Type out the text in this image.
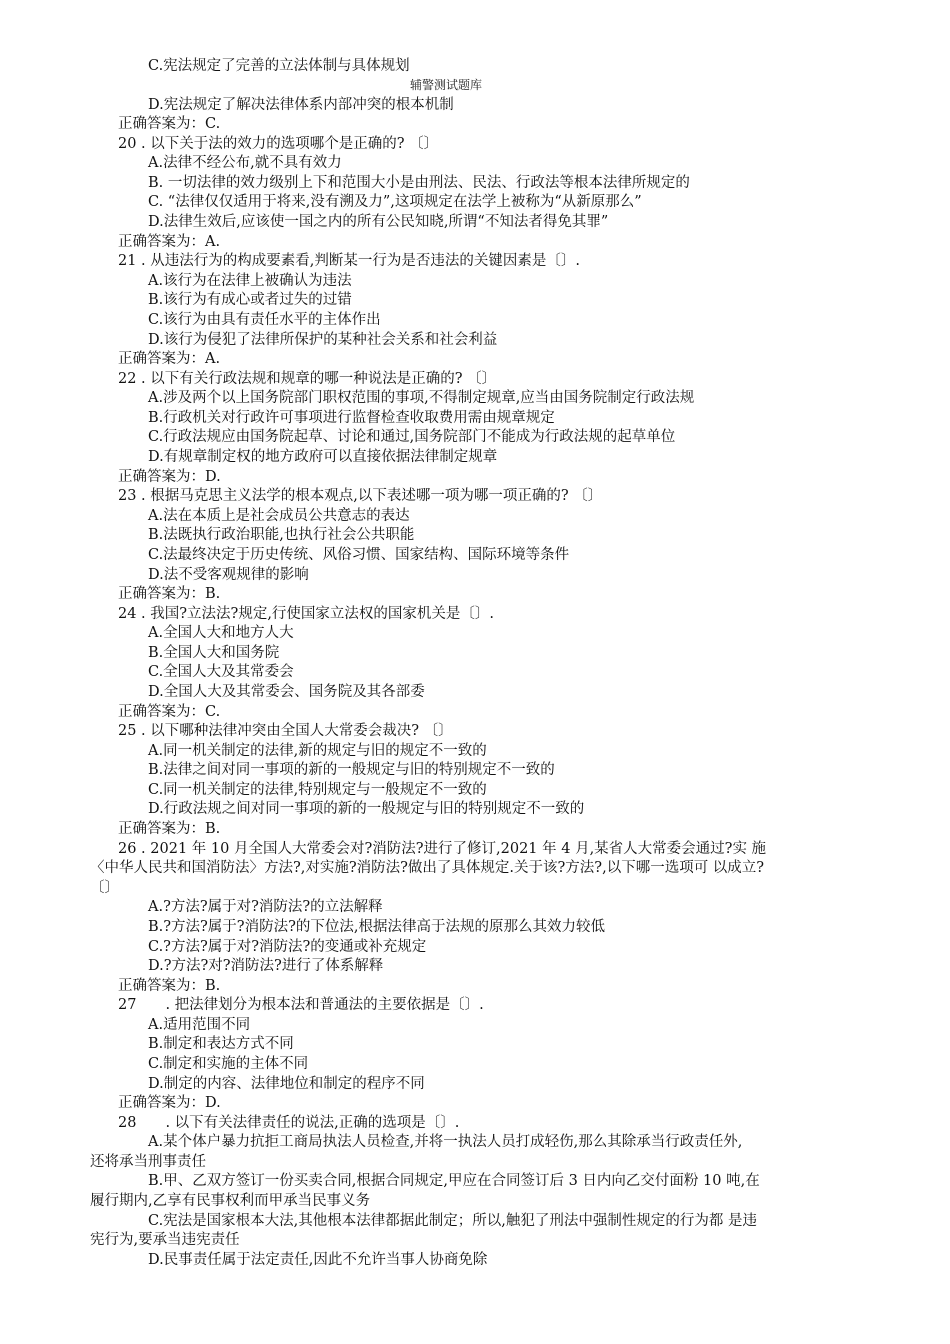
辅警测试题库
C.宪法规定了完善的立法体制与具体规划
D.宪法规定了解决法律体系内部冲突的根本机制
正确答案为：C.
20 . 以下关于法的效力的选项哪个是正确的? 〔〕
A.法律不经公布,就不具有效力
B. 一切法律的效力级别上下和范围大小是由刑法、民法、行政法等根本法律所规定的
C. “法律仅仅适用于将来,没有溯及力”,这项规定在法学上被称为“从新原那么”
D.法律生效后,应该使一国之内的所有公民知晓,所谓“不知法者得免其罪”
正确答案为：A.
21 . 从违法行为的构成要素看,判断某一行为是否违法的关键因素是〔〕.
A.该行为在法律上被确认为违法
B.该行为有成心或者过失的过错
C.该行为由具有责任水平的主体作出
D.该行为侵犯了法律所保护的某种社会关系和社会利益
正确答案为：A.
22 . 以下有关行政法规和规章的哪一种说法是正确的? 〔〕
A.涉及两个以上国务院部门职权范围的事项,不得制定规章,应当由国务院制定行政法规
B.行政机关对行政许可事项进行监督检查收取费用需由规章规定
C.行政法规应由国务院起草、讨论和通过,国务院部门不能成为行政法规的起草单位
D.有规章制定权的地方政府可以直接依据法律制定规章
正确答案为：D.
23 . 根据马克思主义法学的根本观点,以下表述哪一项为哪一项正确的? 〔〕
A.法在本质上是社会成员公共意志的表达
B.法既执行政治职能,也执行社会公共职能
C.法最终决定于历史传统、风俗习惯、国家结构、国际环境等条件
D.法不受客观规律的影响
正确答案为：B.
24 . 我国?立法法?规定,行使国家立法权的国家机关是〔〕.
A.全国人大和地方人大
B.全国人大和国务院
C.全国人大及其常委会
D.全国人大及其常委会、国务院及其各部委
正确答案为：C.
25 . 以下哪种法律冲突由全国人大常委会裁决? 〔〕
A.同一机关制定的法律,新的规定与旧的规定不一致的
B.法律之间对同一事项的新的一般规定与旧的特别规定不一致的
C.同一机关制定的法律,特别规定与一般规定不一致的
D.行政法规之间对同一事项的新的一般规定与旧的特别规定不一致的
正确答案为：B.
26 . 2021 年 10 月全国人大常委会对?消防法?进行了修订,2021 年 4 月,某省人大常委会通过?实 施
〈中华人民共和国消防法〉方法?,对实施?消防法?做出了具体规定.关于该?方法?,以下哪一选项可 以成立?
〔〕
A.?方法?属于对?消防法?的立法解释
B.?方法?属于?消防法?的下位法,根据法律高于法规的原那么其效力较低
C.?方法?属于对?消防法?的变通或补充规定
D.?方法?对?消防法?进行了体系解释
正确答案为：B.
27　　. 把法律划分为根本法和普通法的主要依据是〔〕.
A.适用范围不同
B.制定和表达方式不同
C.制定和实施的主体不同
D.制定的内容、法律地位和制定的程序不同
正确答案为：D.
28　　. 以下有关法律责任的说法,正确的选项是〔〕.
A.某个体户暴力抗拒工商局执法人员检查,并将一执法人员打成轻伤,那么其除承当行政责任外,
还将承当刑事责任
B.甲、乙双方签订一份买卖合同,根据合同规定,甲应在合同签订后 3 日内向乙交付面粉 10 吨,在
履行期内,乙享有民事权利而甲承当民事义务
C.宪法是国家根本大法,其他根本法律都据此制定；所以,触犯了刑法中强制性规定的行为都 是违
宪行为,要承当违宪责任
D.民事责任属于法定责任,因此不允许当事人协商免除
